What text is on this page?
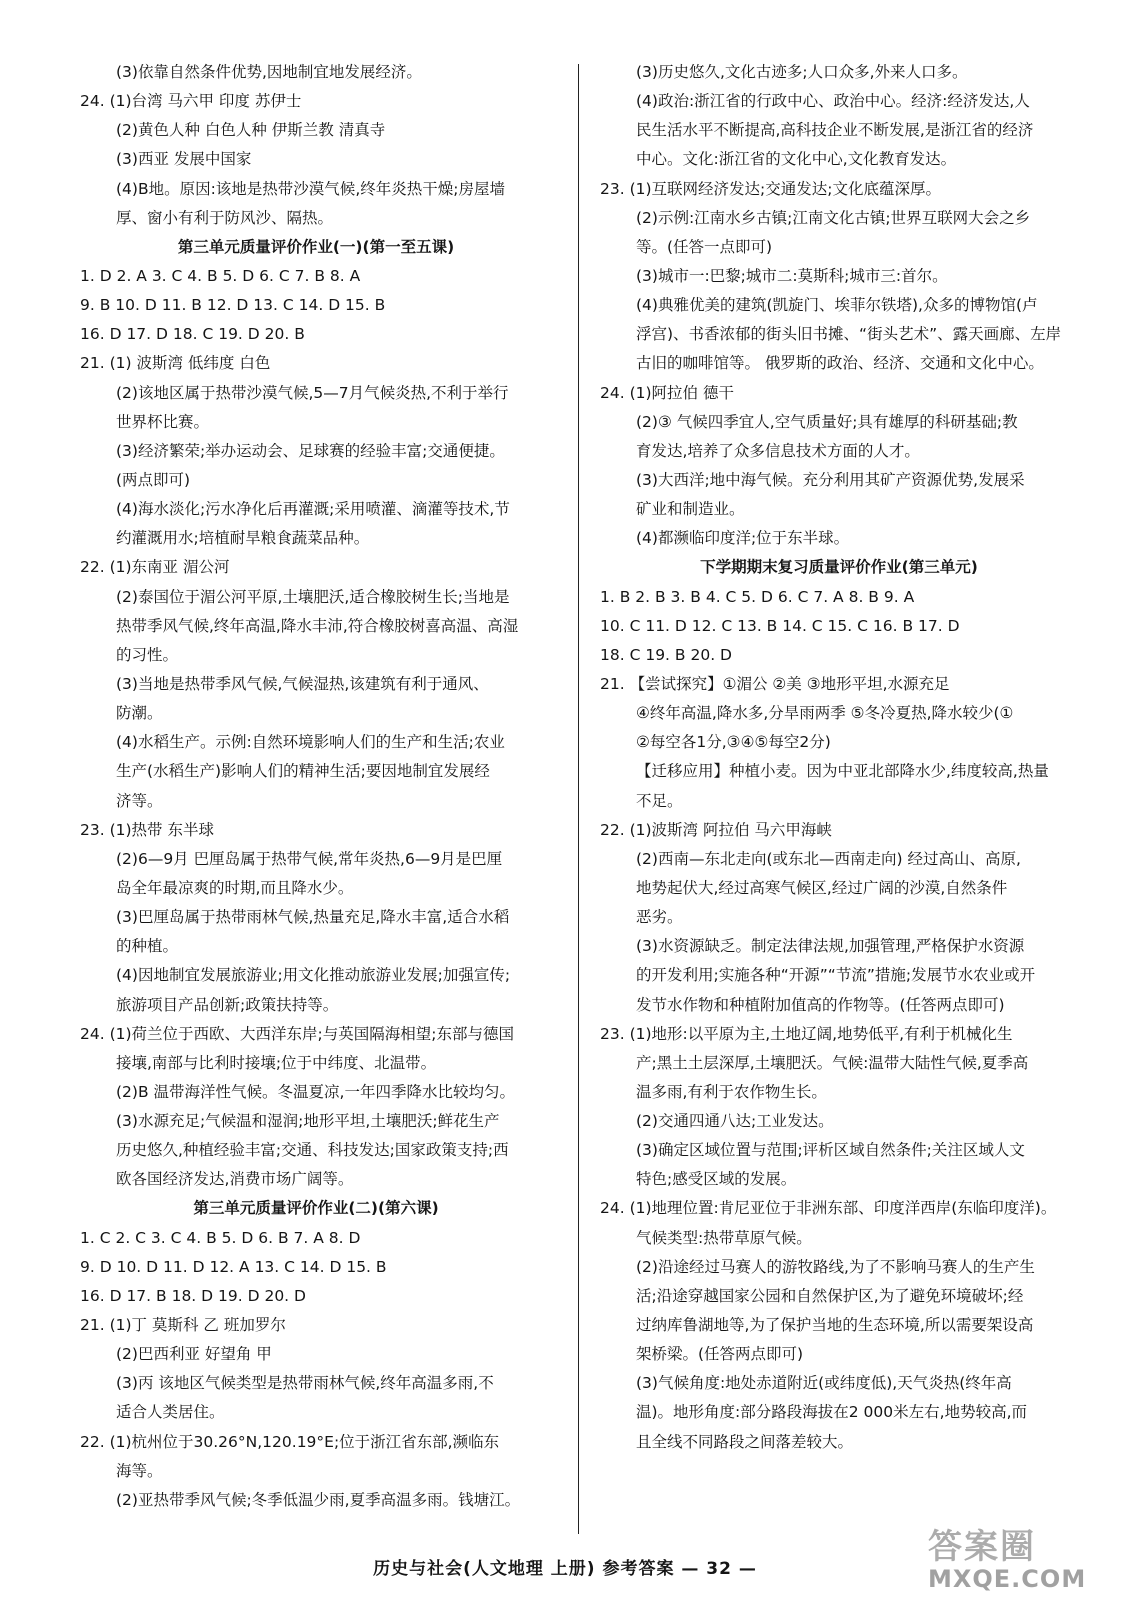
(3)依靠自然条件优势,因地制宜地发展经济。
24. (1)台湾 马六甲 印度 苏伊士
(2)黄色人种 白色人种 伊斯兰教 清真寺
(3)西亚 发展中国家
(4)B地。原因:该地是热带沙漠气候,终年炎热干燥;房屋墙
厚、窗小有利于防风沙、隔热。
第三单元质量评价作业(一)(第一至五课)
1. D 2. A 3. C 4. B 5. D 6. C 7. B 8. A
9. B 10. D 11. B 12. D 13. C 14. D 15. B
16. D 17. D 18. C 19. D 20. B
21. (1) 波斯湾 低纬度 白色
(2)该地区属于热带沙漠气候,5—7月气候炎热,不利于举行
世界杯比赛。
(3)经济繁荣;举办运动会、足球赛的经验丰富;交通便捷。
(两点即可)
(4)海水淡化;污水净化后再灌溉;采用喷灌、滴灌等技术,节
约灌溉用水;培植耐旱粮食蔬菜品种。
22. (1)东南亚 湄公河
(2)泰国位于湄公河平原,土壤肥沃,适合橡胶树生长;当地是
热带季风气候,终年高温,降水丰沛,符合橡胶树喜高温、高湿
的习性。
(3)当地是热带季风气候,气候湿热,该建筑有利于通风、
防潮。
(4)水稻生产。示例:自然环境影响人们的生产和生活;农业
生产(水稻生产)影响人们的精神生活;要因地制宜发展经
济等。
23. (1)热带 东半球
(2)6—9月 巴厘岛属于热带气候,常年炎热,6—9月是巴厘
岛全年最凉爽的时期,而且降水少。
(3)巴厘岛属于热带雨林气候,热量充足,降水丰富,适合水稻
的种植。
(4)因地制宜发展旅游业;用文化推动旅游业发展;加强宣传;
旅游项目产品创新;政策扶持等。
24. (1)荷兰位于西欧、大西洋东岸;与英国隔海相望;东部与德国
接壤,南部与比利时接壤;位于中纬度、北温带。
(2)B 温带海洋性气候。冬温夏凉,一年四季降水比较均匀。
(3)水源充足;气候温和湿润;地形平坦,土壤肥沃;鲜花生产
历史悠久,种植经验丰富;交通、科技发达;国家政策支持;西
欧各国经济发达,消费市场广阔等。
第三单元质量评价作业(二)(第六课)
1. C 2. C 3. C 4. B 5. D 6. B 7. A 8. D
9. D 10. D 11. D 12. A 13. C 14. D 15. B
16. D 17. B 18. D 19. D 20. D
21. (1)丁 莫斯科 乙 班加罗尔
(2)巴西利亚 好望角 甲
(3)丙 该地区气候类型是热带雨林气候,终年高温多雨,不
适合人类居住。
22. (1)杭州位于30.26°N,120.19°E;位于浙江省东部,濒临东
海等。
(2)亚热带季风气候;冬季低温少雨,夏季高温多雨。钱塘江。
(3)历史悠久,文化古迹多;人口众多,外来人口多。
(4)政治:浙江省的行政中心、政治中心。经济:经济发达,人
民生活水平不断提高,高科技企业不断发展,是浙江省的经济
中心。文化:浙江省的文化中心,文化教育发达。
23. (1)互联网经济发达;交通发达;文化底蕴深厚。
(2)示例:江南水乡古镇;江南文化古镇;世界互联网大会之乡
等。(任答一点即可)
(3)城市一:巴黎;城市二:莫斯科;城市三:首尔。
(4)典雅优美的建筑(凯旋门、埃菲尔铁塔),众多的博物馆(卢
浮宫)、书香浓郁的街头旧书摊、“街头艺术”、露天画廊、左岸
古旧的咖啡馆等。 俄罗斯的政治、经济、交通和文化中心。
24. (1)阿拉伯 德干
(2)③ 气候四季宜人,空气质量好;具有雄厚的科研基础;教
育发达,培养了众多信息技术方面的人才。
(3)大西洋;地中海气候。充分利用其矿产资源优势,发展采
矿业和制造业。
(4)都濒临印度洋;位于东半球。
下学期期末复习质量评价作业(第三单元)
1. B 2. B 3. B 4. C 5. D 6. C 7. A 8. B 9. A
10. C 11. D 12. C 13. B 14. C 15. C 16. B 17. D
18. C 19. B 20. D
21. 【尝试探究】①湄公 ②美 ③地形平坦,水源充足
④终年高温,降水多,分旱雨两季 ⑤冬冷夏热,降水较少(①
②每空各1分,③④⑤每空2分)
【迁移应用】种植小麦。因为中亚北部降水少,纬度较高,热量
不足。
22. (1)波斯湾 阿拉伯 马六甲海峡
(2)西南—东北走向(或东北—西南走向) 经过高山、高原,
地势起伏大,经过高寒气候区,经过广阔的沙漠,自然条件
恶劣。
(3)水资源缺乏。制定法律法规,加强管理,严格保护水资源
的开发利用;实施各种“开源”“节流”措施;发展节水农业或开
发节水作物和种植附加值高的作物等。(任答两点即可)
23. (1)地形:以平原为主,土地辽阔,地势低平,有利于机械化生
产;黑土土层深厚,土壤肥沃。气候:温带大陆性气候,夏季高
温多雨,有利于农作物生长。
(2)交通四通八达;工业发达。
(3)确定区域位置与范围;评析区域自然条件;关注区域人文
特色;感受区域的发展。
24. (1)地理位置:肯尼亚位于非洲东部、印度洋西岸(东临印度洋)。
气候类型:热带草原气候。
(2)沿途经过马赛人的游牧路线,为了不影响马赛人的生产生
活;沿途穿越国家公园和自然保护区,为了避免环境破坏;经
过纳库鲁湖地等,为了保护当地的生态环境,所以需要架设高
架桥梁。(任答两点即可)
(3)气候角度:地处赤道附近(或纬度低),天气炎热(终年高
温)。地形角度:部分路段海拔在2 000米左右,地势较高,而
且全线不同路段之间落差较大。
历史与社会(人文地理 上册) 参考答案 — 32 —
答案圈
MXQE.COM
